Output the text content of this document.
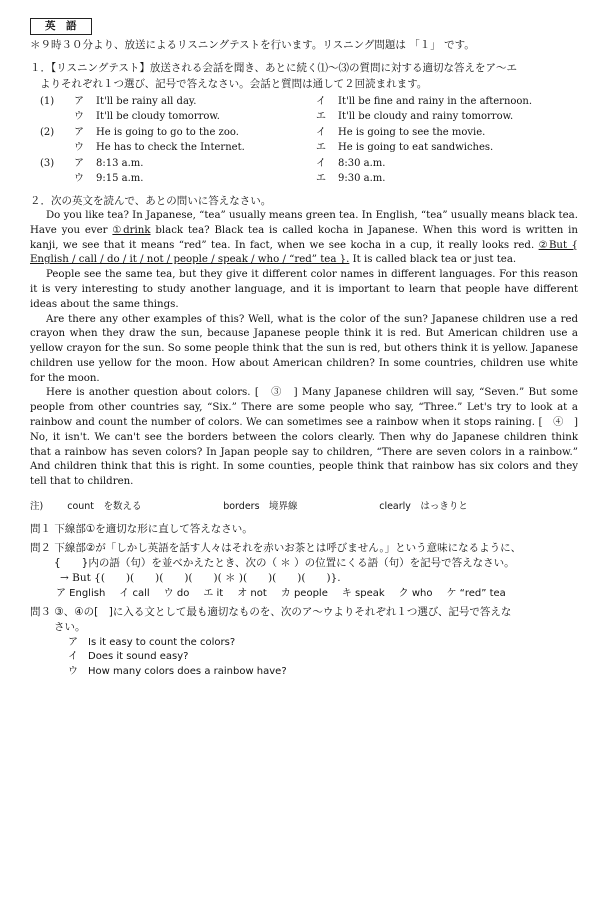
英　語
＊９時３０分より、放送によるリスニングテストを行います。リスニング問題は 「１」 です。
１．【リスニングテスト】放送される会話を聞き、あとに続く⑴～⑶の質問に対する適切な答えをア～エ
よりそれぞれ１つ選び、記号で答えなさい。会話と質問は通して２回読まれます。
(1)	ア	It'll be rainy all day.	イ	It'll be fine and rainy in the afternoon.
	ウ	It'll be cloudy tomorrow.	エ	It'll be cloudy and rainy tomorrow.
(2)	ア	He is going to go to the zoo.	イ	He is going to see the movie.
	ウ	He has to check the Internet.	エ	He is going to eat sandwiches.
(3)	ア	8:13 a.m.	イ	8:30 a.m.
	ウ	9:15 a.m.	エ	9:30 a.m.
２．次の英文を読んで、あとの問いに答えなさい。

Do you like tea? In Japanese, “tea” usually means green tea. In English, “tea” usually means black tea. Have you ever ①drink black tea? Black tea is called kocha in Japanese. When this word is written in kanji, we see that it means “red” tea. In fact, when we see kocha in a cup, it really looks red. ②But { English / call / do / it / not / people / speak / who / “red” tea }. It is called black tea or just tea.

People see the same tea, but they give it different color names in different languages. For this reason it is very interesting to study another language, and it is important to learn that people have different ideas about the same things.

Are there any other examples of this? Well, what is the color of the sun? Japanese children use a red crayon when they draw the sun, because Japanese people think it is red. But American children use a yellow crayon for the sun. So some people think that the sun is red, but others think it is yellow. Japanese children use yellow for the moon. How about American children? In some countries, children use white for the moon.

Here is another question about colors. [　③　] Many Japanese children will say, “Seven.” But some people from other countries say, “Six.” There are some people who say, “Three.” Let's try to look at a rainbow and count the number of colors. We can sometimes see a rainbow when it stops raining. [　④　] No, it isn't. We can't see the borders between the colors clearly. Then why do Japanese children think that a rainbow has seven colors? In Japan people say to children, “There are seven colors in a rainbow.” And children think that this is right. In some counties, people think that rainbow has six colors and they tell that to children.

注)	count　を数える	borders　境界線	clearly　はっきりと
問１ 下線部①を適切な形に直して答えなさい。
問２ 下線部②が「しかし英語を話す人々はそれを赤いお茶とは呼びません。」という意味になるように、
{　　}内の語（句）を並べかえたとき、次の（ ＊ ）の位置にくる語（句）を記号で答えなさい。
→ But {(　　)(　　)(　　)(　　)( ＊ )(　　)(　　)(　　)}.
ア English イ call ウ do エ it オ not カ people キ speak ク who ケ “red” tea
問３ ③、④の[　]に入る文として最も適切なものを、次のア～ウよりそれぞれ１つ選び、記号で答えな
さい。
ア　Is it easy to count the colors?
イ　Does it sound easy?
ウ　How many colors does a rainbow have?
